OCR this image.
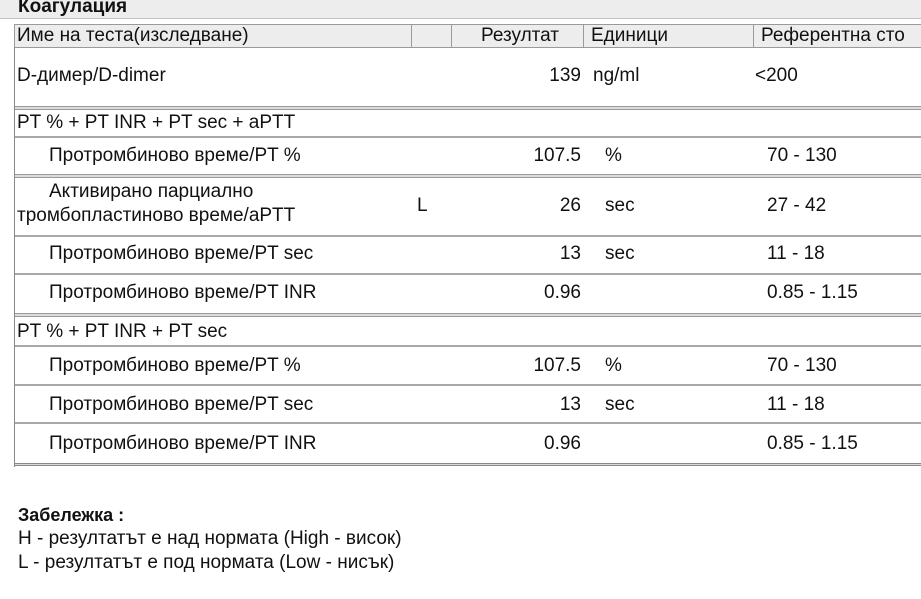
Коагулация
Име на теста(изследване)	Резултат Единици	Референтна сто
D-димер/D-dimer	139 ng/ml	<200
PT % + PT INR + PT sec + aPTT
Протромбиново време/PT %	107.5 %	70 - 130
Активирано парциално
тромбопластиново време/aPTT	L	26 sec	27 - 42
Протромбиново време/PT sec	13 sec	11 - 18
Протромбиново време/PT INR	0.96	0.85 - 1.15
PT % + PT INR + PT sec
Протромбиново време/PT %	107.5 %	70 - 130
Протромбиново време/PT sec	13 sec	11 - 18
Протромбиново време/PT INR	0.96	0.85 - 1.15
Забележка :
H - резултатът е над нормата (High - висок)
L - резултатът е под нормата (Low - нисък)
